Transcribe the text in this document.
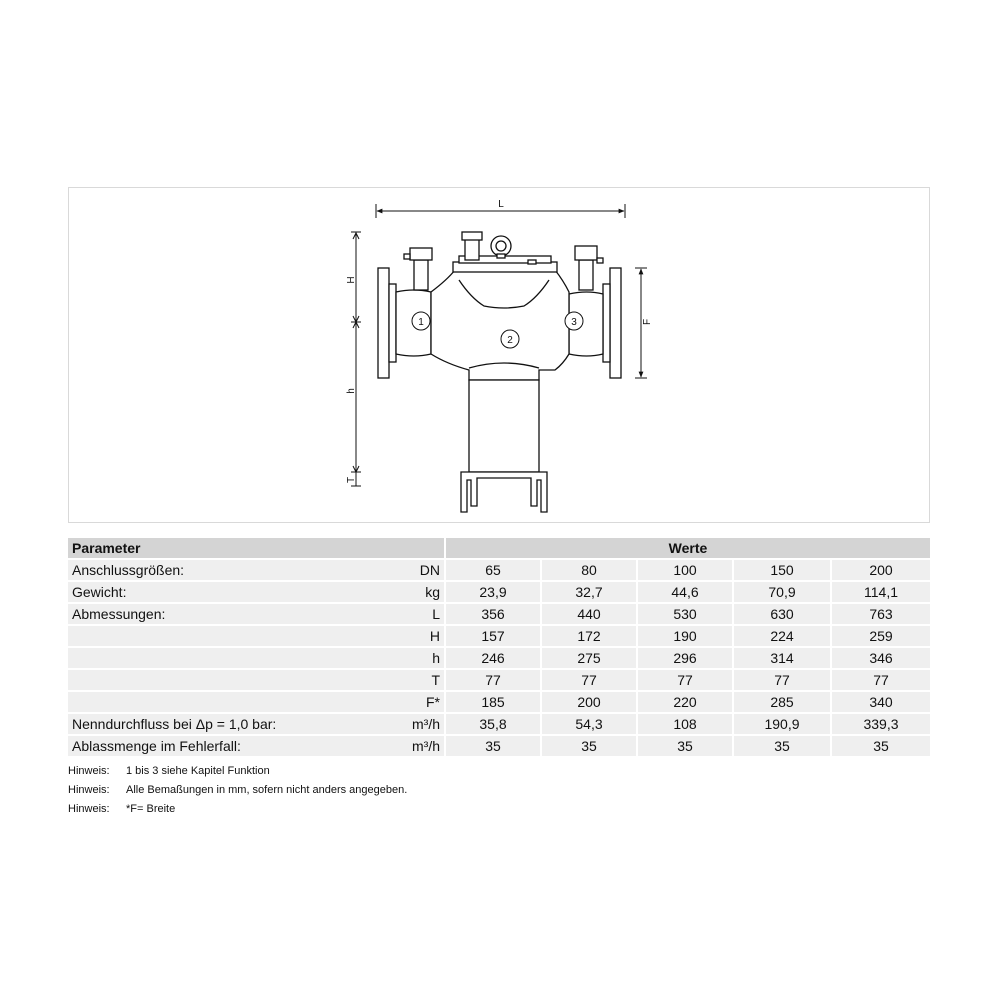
L
H
h
T
F
1
2
3
Parameter		Werte				
Anschlussgrößen:	DN	65	80	100	150	200
Gewicht:	kg	23,9	32,7	44,6	70,9	114,1
Abmessungen:	L	356	440	530	630	763
	H	157	172	190	224	259
	h	246	275	296	314	346
	T	77	77	77	77	77
	F*	185	200	220	285	340
Nenndurchfluss bei Δp = 1,0 bar:	m³/h	35,8	54,3	108	190,9	339,3
Ablassmenge im Fehlerfall:	m³/h	35	35	35	35	35
Hinweis:	1 bis 3 siehe Kapitel Funktion
Hinweis:	Alle Bemaßungen in mm, sofern nicht anders angegeben.
Hinweis:	*F= Breite
